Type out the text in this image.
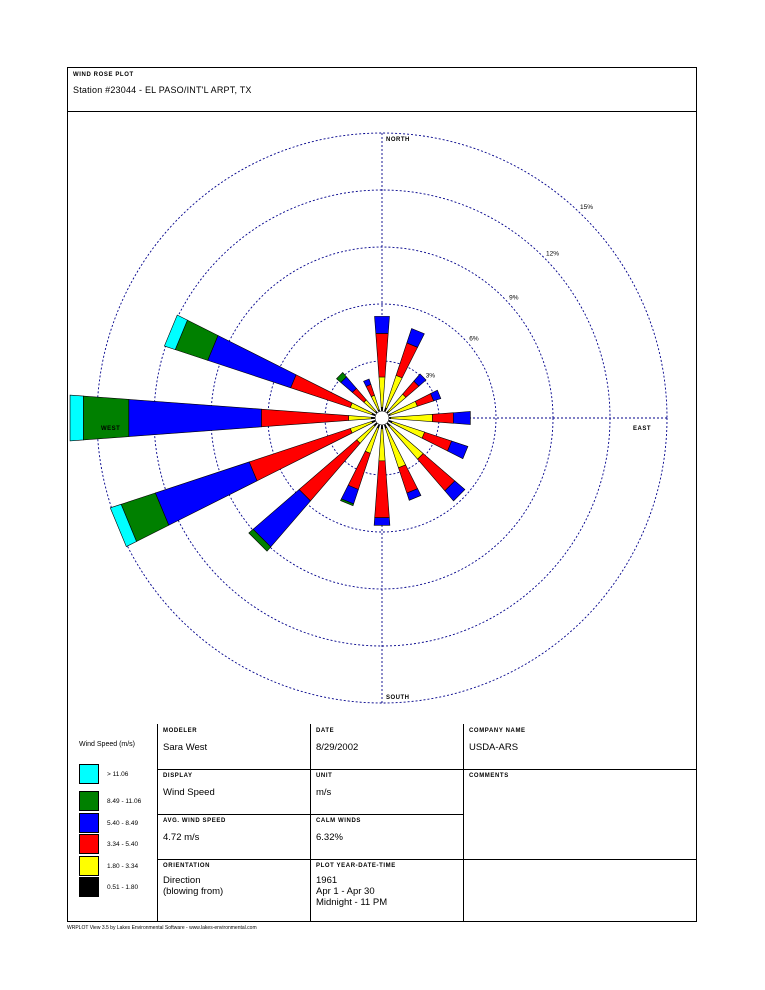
WIND ROSE PLOT
Station #23044 - EL PASO/INT'L ARPT, TX
3%
6%
9%
12%
15%
NORTH
SOUTH
EAST
WEST
Wind Speed (m/s)
> 11.06
8.49 - 11.06
5.40 - 8.49
3.34 - 5.40
1.80 - 3.34
0.51 - 1.80
MODELER
Sara West
DATE
8/29/2002
COMPANY NAME
USDA-ARS
DISPLAY
Wind Speed
UNIT
m/s
COMMENTS
AVG. WIND SPEED
4.72 m/s
CALM WINDS
6.32%
ORIENTATION
Direction
(blowing from)
PLOT YEAR-DATE-TIME
1961
Apr 1 - Apr 30
Midnight - 11 PM
WRPLOT View 3.5 by Lakes Environmental Software - www.lakes-environmental.com
